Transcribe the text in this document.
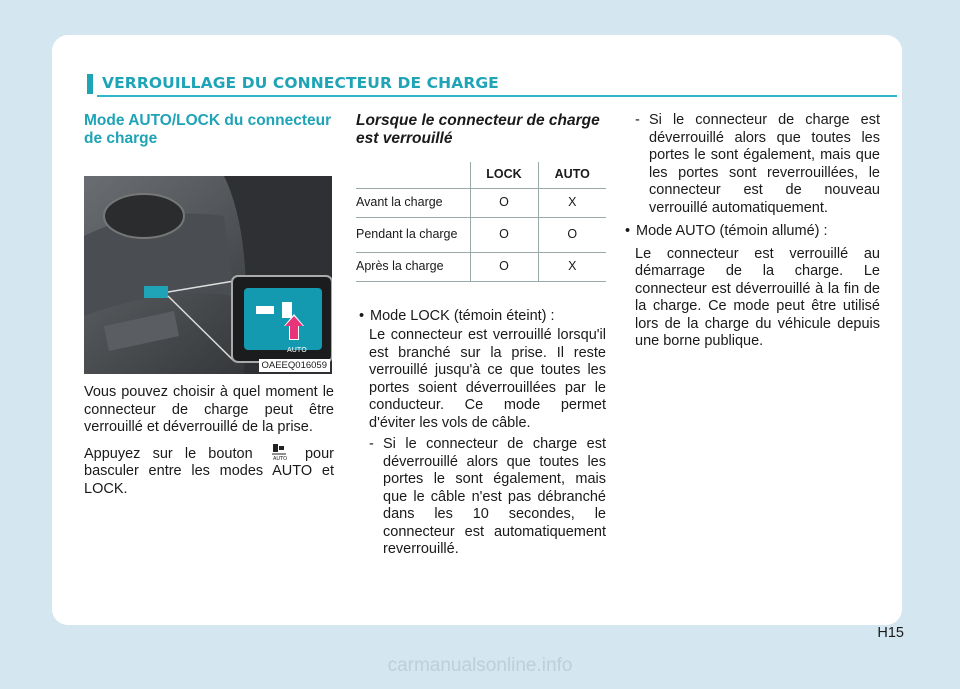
VERROUILLAGE DU CONNECTEUR DE CHARGE
Mode AUTO/LOCK du connecteur de charge
AUTO
OAEEQ016059
Vous pouvez choisir à quel moment le connecteur de charge peut être verrouillé et déverrouillé de la prise.
Appuyez sur le bouton	AUTO pour basculer entre les modes AUTO et LOCK.
Lorsque le connecteur de charge est verrouillé
	LOCK	AUTO
Avant la charge	O	X
Pendant la charge	O	O
Après la charge	O	X
• Mode LOCK (témoin éteint) :
Le connecteur est verrouillé lorsqu'il est branché sur la prise. Il reste verrouillé jusqu'à ce que toutes les portes soient déverrouillées par le conducteur. Ce mode permet d'éviter les vols de câble.
- Si le connecteur de charge est déverrouillé alors que toutes les portes le sont également, mais que le câble n'est pas débranché dans les 10 secondes, le connecteur est automatiquement reverrouillé.
- Si le connecteur de charge est déverrouillé alors que toutes les portes le sont également, mais que les portes sont reverrouillées, le connecteur est de nouveau verrouillé automatiquement.
• Mode AUTO (témoin allumé) :
Le connecteur est verrouillé au démarrage de la charge. Le connecteur est déverrouillé à la fin de la charge. Ce mode peut être utilisé lors de la charge du véhicule depuis une borne publique.
H15
carmanualsonline.info
